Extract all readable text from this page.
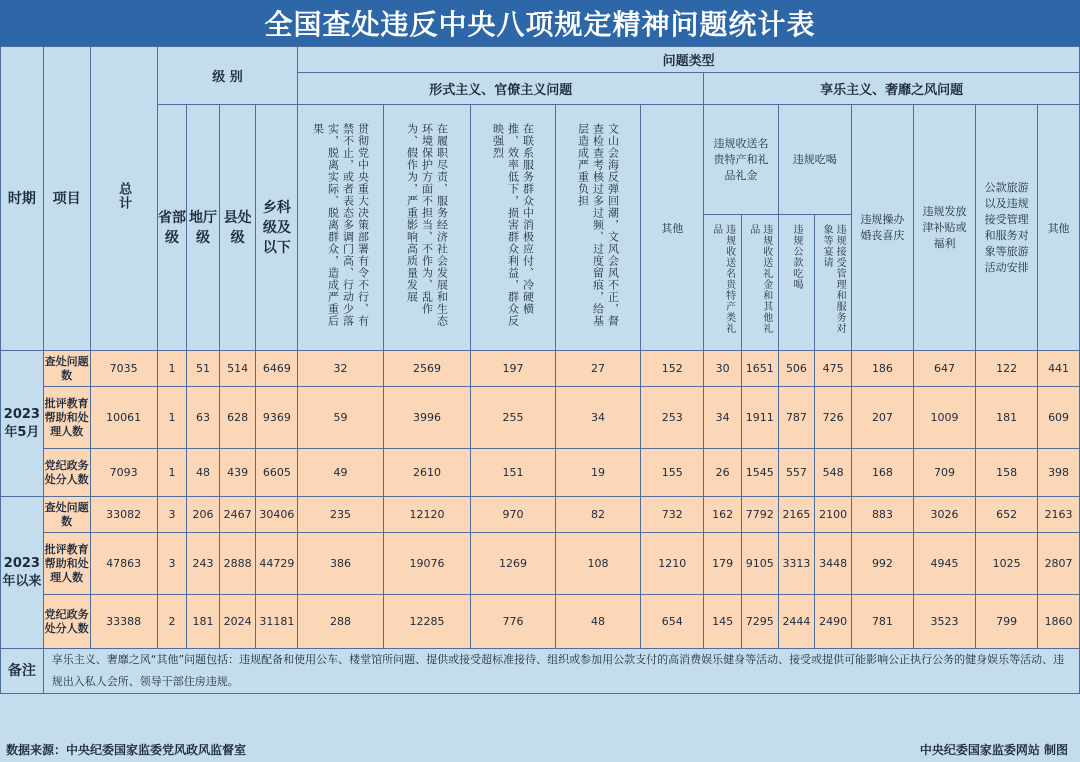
全国查处违反中央八项规定精神问题统计表
时期	项目	总计	级 别				问题类型												
							形式主义、官僚主义问题					享乐主义、奢靡之风问题							
			省部级	地厅级	县处级	乡科级及以下	贯彻党中央重大决策部署有令不行、有禁不止，或者表态多调门高、行动少落实，脱离实际、脱离群众，造成严重后果	在履职尽责、服务经济社会发展和生态环境保护方面不担当、不作为、乱作为、假作为，严重影响高质量发展	在联系服务群众中消极应付、冷硬横推、效率低下，损害群众利益，群众反映强烈	文山会海反弹回潮，文风会风不正，督查检查考核过多过频、过度留痕，给基层造成严重负担	其他	违规收送名贵特产和礼品礼金		违规吃喝		违规操办婚丧喜庆	违规发放津补贴或福利	公款旅游以及违规接受管理和服务对象等旅游活动安排	其他

												违规收送名贵特产类礼品	违规收送礼金和其他礼品	违规公款吃喝	违规接受管理和服务对象等宴请				

2023年5月	查处问题数	7035	1	51	514	6469	32	2569	197	27	152	30	1651	506	475	186	647	122	441
	批评教育帮助和处理人数	10061	1	63	628	9369	59	3996	255	34	253	34	1911	787	726	207	1009	181	609
	党纪政务处分人数	7093	1	48	439	6605	49	2610	151	19	155	26	1545	557	548	168	709	158	398
2023年以来	查处问题数	33082	3	206	2467	30406	235	12120	970	82	732	162	7792	2165	2100	883	3026	652	2163
	批评教育帮助和处理人数	47863	3	243	2888	44729	386	19076	1269	108	1210	179	9105	3313	3448	992	4945	1025	2807
	党纪政务处分人数	33388	2	181	2024	31181	288	12285	776	48	654	145	7295	2444	2490	781	3523	799	1860
备注	享乐主义、奢靡之风“其他”问题包括：违规配备和使用公车、楼堂馆所问题、提供或接受超标准接待、组织或参加用公款支付的高消费娱乐健身等活动、接受或提供可能影响公正执行公务的健身娱乐等活动、违规出入私人会所、领导干部住房违规。																		
数据来源：中央纪委国家监委党风政风监督室	中央纪委国家监委网站 制图
